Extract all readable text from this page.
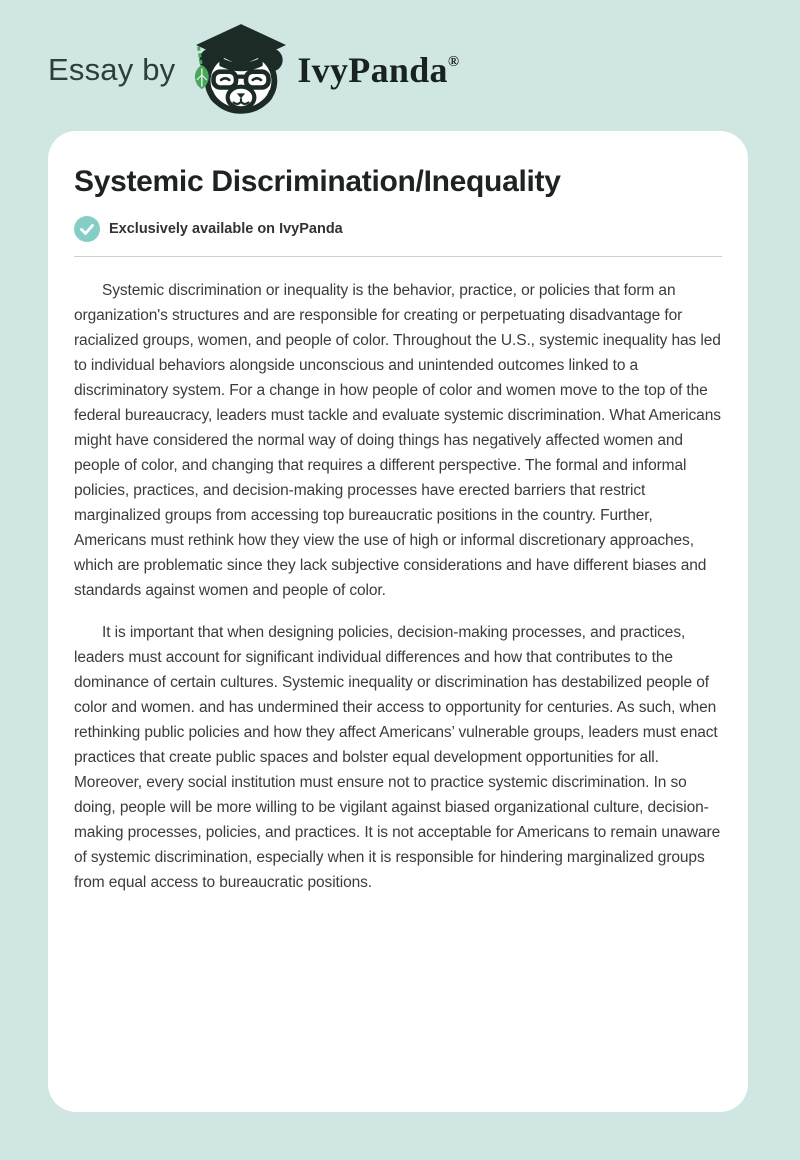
Essay by	IvyPanda®
Systemic Discrimination/Inequality
Exclusively available on IvyPanda

Systemic discrimination or inequality is the behavior, practice, or policies that form an organization's structures and are responsible for creating or perpetuating disadvantage for racialized groups, women, and people of color. Throughout the U.S., systemic inequality has led to individual behaviors alongside unconscious and unintended outcomes linked to a discriminatory system. For a change in how people of color and women move to the top of the federal bureaucracy, leaders must tackle and evaluate systemic discrimination. What Americans might have considered the normal way of doing things has negatively affected women and people of color, and changing that requires a different perspective. The formal and informal policies, practices, and decision-making processes have erected barriers that restrict marginalized groups from accessing top bureaucratic positions in the country. Further, Americans must rethink how they view the use of high or informal discretionary approaches, which are problematic since they lack subjective considerations and have different biases and standards against women and people of color.

It is important that when designing policies, decision-making processes, and practices, leaders must account for significant individual differences and how that contributes to the dominance of certain cultures. Systemic inequality or discrimination has destabilized people of color and women. and has undermined their access to opportunity for centuries. As such, when rethinking public policies and how they affect Americans’ vulnerable groups, leaders must enact practices that create public spaces and bolster equal development opportunities for all. Moreover, every social institution must ensure not to practice systemic discrimination. In so doing, people will be more willing to be vigilant against biased organizational culture, decision-making processes, policies, and practices. It is not acceptable for Americans to remain unaware of systemic discrimination, especially when it is responsible for hindering marginalized groups from equal access to bureaucratic positions.
